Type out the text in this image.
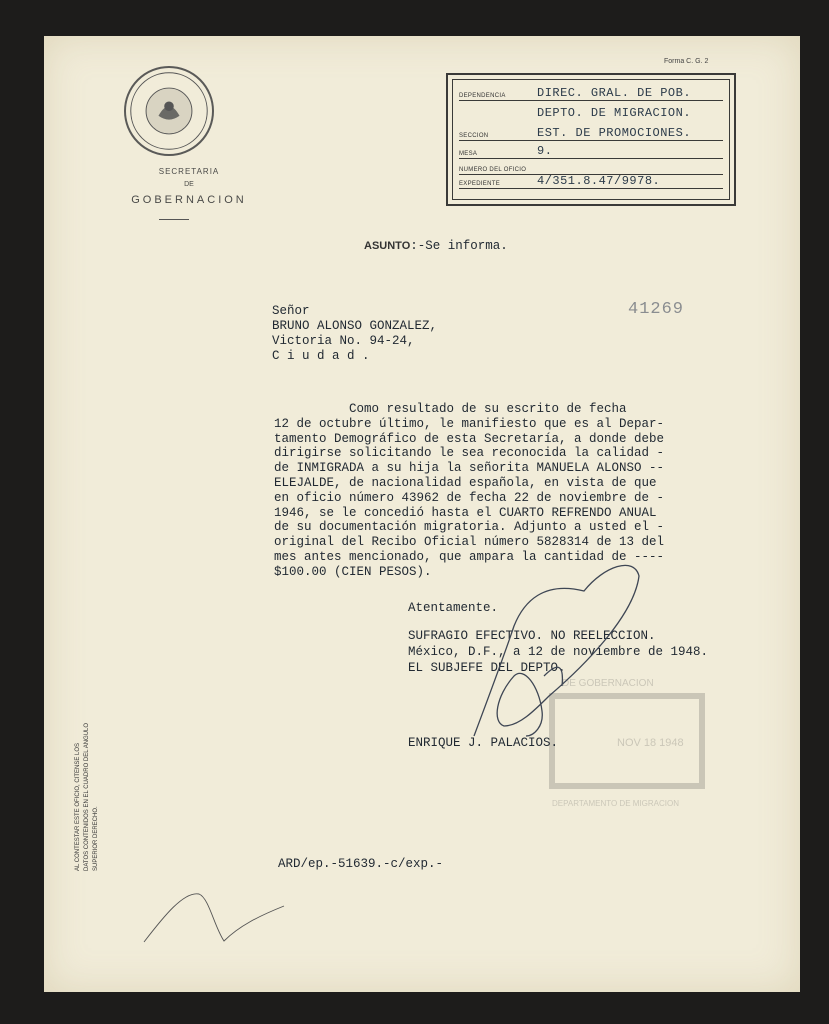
SECRETARIA
DE
GOBERNACION
Forma C. G. 2
DEPENDENCIA	DIREC. GRAL. DE POB.
DEPTO. DE MIGRACION.
SECCION	EST. DE PROMOCIONES.
MESA	9.
NUMERO DEL OFICIO
EXPEDIENTE	4/351.8.47/9978.
ASUNTO:-Se informa.
41269
Señor
BRUNO ALONSO GONZALEZ,
Victoria No. 94-24,
C i u d a d .
Como resultado de su escrito de fecha
12 de octubre último, le manifiesto que es al Depar-
tamento Demográfico de esta Secretaría, a donde debe
dirigirse solicitando le sea reconocida la calidad -
de INMIGRADA a su hija la señorita MANUELA ALONSO --
ELEJALDE, de nacionalidad española, en vista de que
en oficio número 43962 de fecha 22 de noviembre de -
1946, se le concedió hasta el CUARTO REFRENDO ANUAL
de su documentación migratoria. Adjunto a usted el -
original del Recibo Oficial número 5828314 de 13 del
mes antes mencionado, que ampara la cantidad de ----
$100.00 (CIEN PESOS).
DE GOBERNACION
NOV 18 1948
DEPARTAMENTO DE MIGRACION
Atentamente.
SUFRAGIO EFECTIVO. NO REELECCION.
México, D.F., a 12 de noviembre de 1948.
EL SUBJEFE DEL DEPTO.
ENRIQUE J. PALACIOS.
ARD/ep.-51639.-c/exp.-
AL CONTESTAR ESTE OFICIO, CITENSE LOS DATOS CONTENIDOS EN EL CUADRO DEL ANGULO SUPERIOR DERECHO.
